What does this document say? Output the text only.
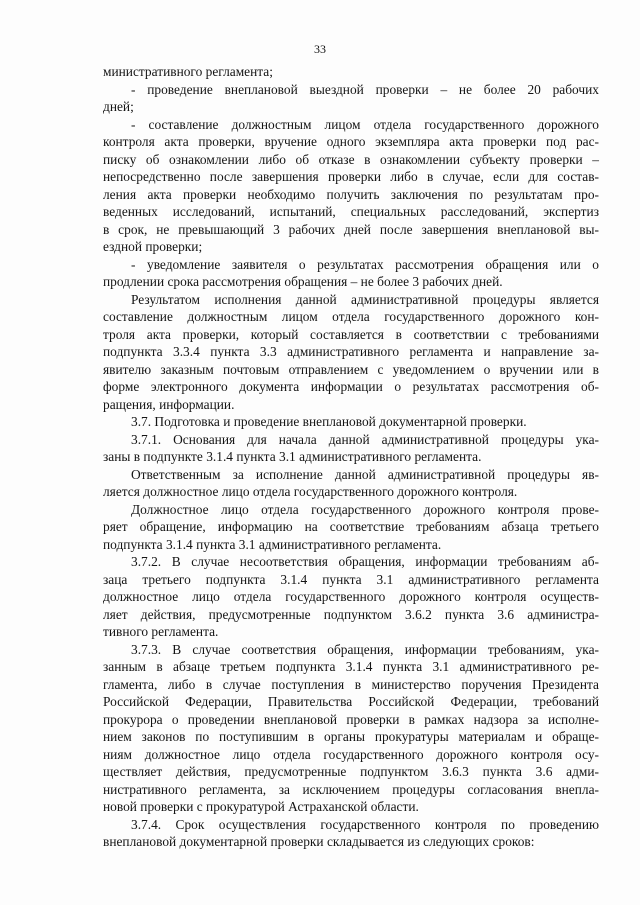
33

министративного регламента;

- проведение внеплановой выездной проверки – не более 20 рабочих
дней;

- составление должностным лицом отдела государственного дорожного
контроля акта проверки, вручение одного экземпляра акта проверки под рас-
писку об ознакомлении либо об отказе в ознакомлении субъекту проверки –
непосредственно после завершения проверки либо в случае, если для состав-
ления акта проверки необходимо получить заключения по результатам про-
веденных исследований, испытаний, специальных расследований, экспертиз
в срок, не превышающий 3 рабочих дней после завершения внеплановой вы-
ездной проверки;

- уведомление заявителя о результатах рассмотрения обращения или о
продлении срока рассмотрения обращения – не более 3 рабочих дней.

Результатом исполнения данной административной процедуры является
составление должностным лицом отдела государственного дорожного кон-
троля акта проверки, который составляется в соответствии с требованиями
подпункта 3.3.4 пункта 3.3 административного регламента и направление за-
явителю заказным почтовым отправлением с уведомлением о вручении или в
форме электронного документа информации о результатах рассмотрения об-
ращения, информации.

3.7. Подготовка и проведение внеплановой документарной проверки.

3.7.1. Основания для начала данной административной процедуры ука-
заны в подпункте 3.1.4 пункта 3.1 административного регламента.

Ответственным за исполнение данной административной процедуры яв-
ляется должностное лицо отдела государственного дорожного контроля.

Должностное лицо отдела государственного дорожного контроля прове-
ряет обращение, информацию на соответствие требованиям абзаца третьего
подпункта 3.1.4 пункта 3.1 административного регламента.

3.7.2. В случае несоответствия обращения, информации требованиям аб-
заца третьего подпункта 3.1.4 пункта 3.1 административного регламента
должностное лицо отдела государственного дорожного контроля осуществ-
ляет действия, предусмотренные подпунктом 3.6.2 пункта 3.6 администра-
тивного регламента.

3.7.3. В случае соответствия обращения, информации требованиям, ука-
занным в абзаце третьем подпункта 3.1.4 пункта 3.1 административного ре-
гламента, либо в случае поступления в министерство поручения Президента
Российской Федерации, Правительства Российской Федерации, требований
прокурора о проведении внеплановой проверки в рамках надзора за исполне-
нием законов по поступившим в органы прокуратуры материалам и обраще-
ниям должностное лицо отдела государственного дорожного контроля осу-
ществляет действия, предусмотренные подпунктом 3.6.3 пункта 3.6 адми-
нистративного регламента, за исключением процедуры согласования внепла-
новой проверки с прокуратурой Астраханской области.

3.7.4. Срок осуществления государственного контроля по проведению
внеплановой документарной проверки складывается из следующих сроков:
